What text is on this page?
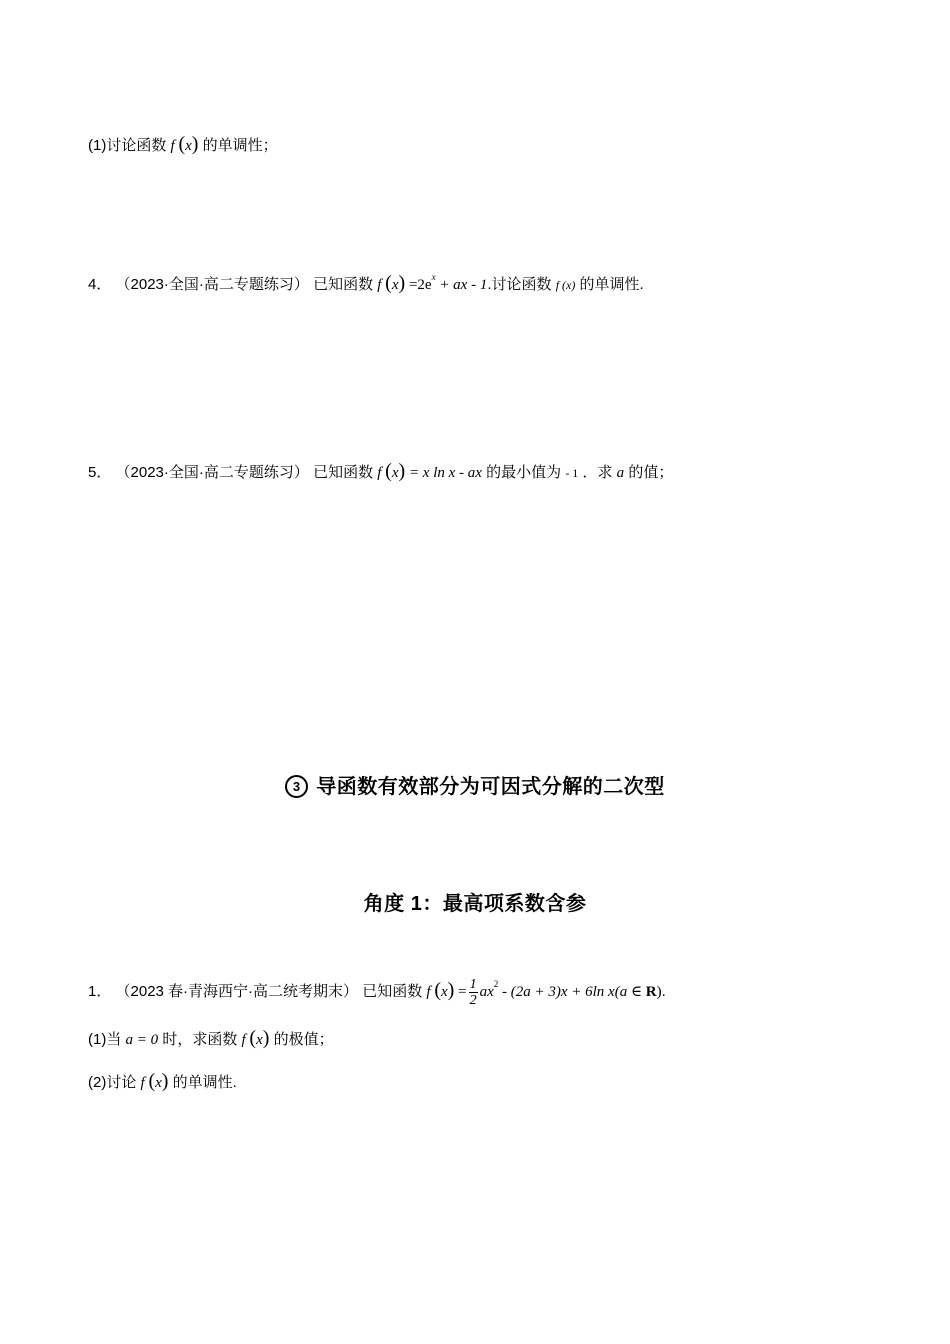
(1)讨论函数 f (x) 的单调性；
4． （2023·全国·高二专题练习） 已知函数 f $(x) =2e^x$ + ax - 1.讨论函数 f (x) 的单调性.
5． （2023·全国·高二专题练习） 已知函数 f (x) = x ln x - ax 的最小值为 - 1 ．求 a 的值；
3 导函数有效部分为可因式分解的二次型
角度 1：最高项系数含参
1． （2023 春·青海西宁·高二统考期末） 已知函数 f $(x) = \frac{1}{2} ax^2 - (2a + 3)x + 6\ln$ x(a ∈ R).
(1)当 a = 0 时，求函数 f (x) 的极值；
(2)讨论 f (x) 的单调性.
